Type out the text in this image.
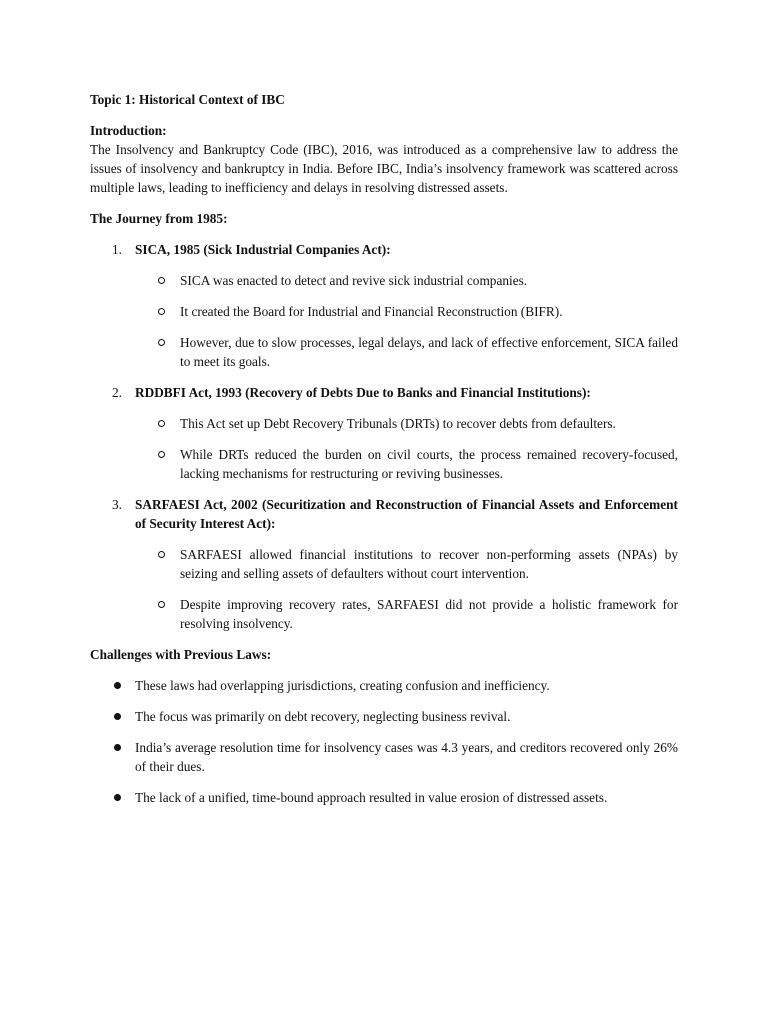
Topic 1: Historical Context of IBC

Introduction:

The Insolvency and Bankruptcy Code (IBC), 2016, was introduced as a comprehensive law to address the issues of insolvency and bankruptcy in India. Before IBC, India’s insolvency framework was scattered across multiple laws, leading to inefficiency and delays in resolving distressed assets.

The Journey from 1985:

1. SICA, 1985 (Sick Industrial Companies Act):

SICA was enacted to detect and revive sick industrial companies.

It created the Board for Industrial and Financial Reconstruction (BIFR).

However, due to slow processes, legal delays, and lack of effective enforcement, SICA failed to meet its goals.

2. RDDBFI Act, 1993 (Recovery of Debts Due to Banks and Financial Institutions):

This Act set up Debt Recovery Tribunals (DRTs) to recover debts from defaulters.

While DRTs reduced the burden on civil courts, the process remained recovery-focused, lacking mechanisms for restructuring or reviving businesses.

3. SARFAESI Act, 2002 (Securitization and Reconstruction of Financial Assets and Enforcement of Security Interest Act):

SARFAESI allowed financial institutions to recover non-performing assets (NPAs) by seizing and selling assets of defaulters without court intervention.

Despite improving recovery rates, SARFAESI did not provide a holistic framework for resolving insolvency.

Challenges with Previous Laws:

These laws had overlapping jurisdictions, creating confusion and inefficiency.

The focus was primarily on debt recovery, neglecting business revival.

India’s average resolution time for insolvency cases was 4.3 years, and creditors recovered only 26% of their dues.

The lack of a unified, time-bound approach resulted in value erosion of distressed assets.
